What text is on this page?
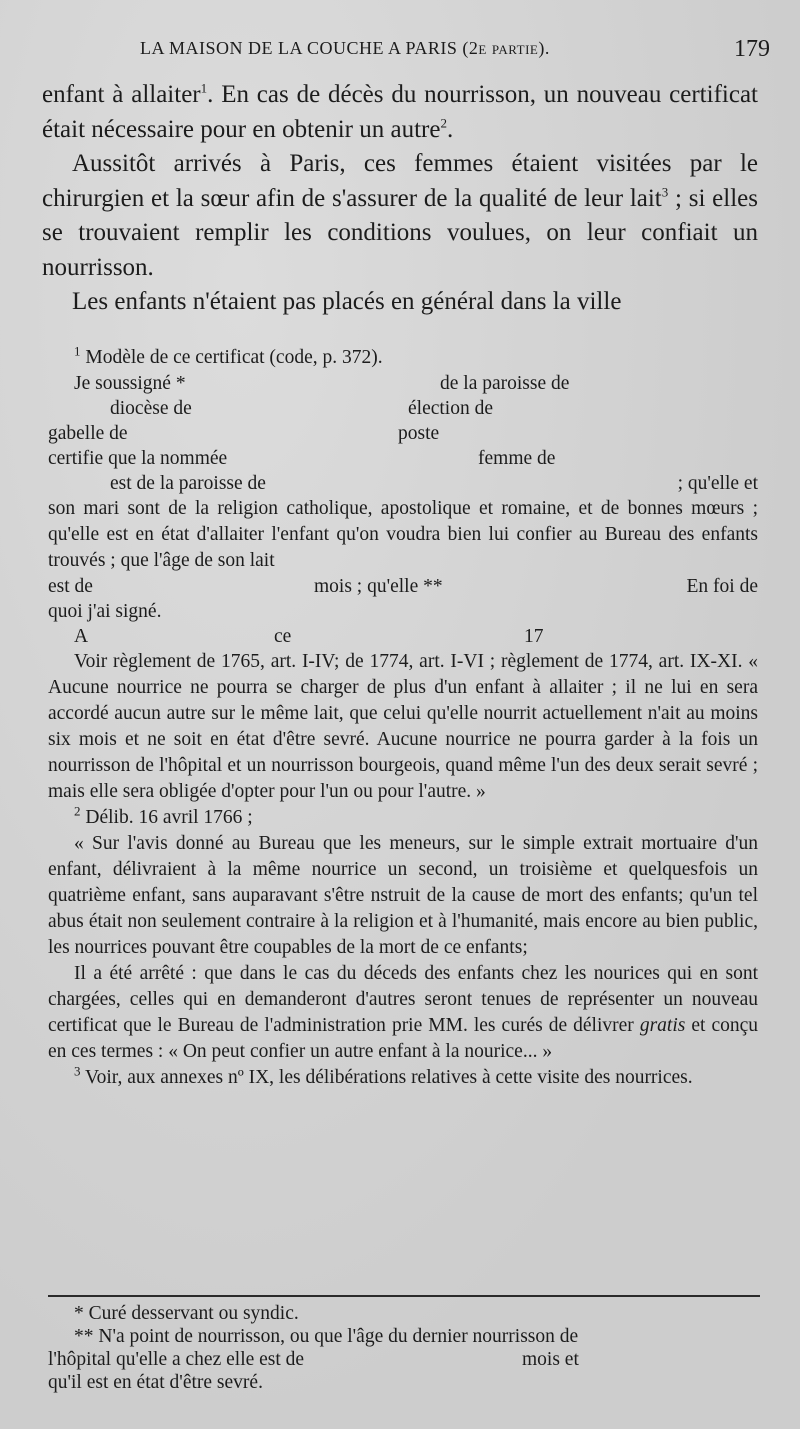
LA MAISON DE LA COUCHE A PARIS (2e partie).	179

enfant à allaiter$^1$. En cas de décès du nourrisson, un nouveau certificat était nécessaire pour en obtenir un autre$^2$.

Aussitôt arrivés à Paris, ces femmes étaient visitées par le chirurgien et la sœur afin de s'assurer de la qualité de leur lait$^3$ ; si elles se trouvaient remplir les conditions voulues, on leur confiait un nourrisson.

Les enfants n'étaient pas placés en général dans la ville

$^1$ Modèle de ce certificat (code, p. 372).

Je soussigné *	de la paroisse de
diocèse de	élection de
gabelle de	poste
certifie que la nommée	femme de
est de la paroisse de	; qu'elle et

son mari sont de la religion catholique, apostolique et romaine, et de bonnes mœurs ; qu'elle est en état d'allaiter l'enfant qu'on voudra bien lui confier au Bureau des enfants trouvés ; que l'âge de son lait

est de	mois ; qu'elle **	En foi de
quoi j'ai signé.
A	ce	17

Voir règlement de 1765, art. I-IV; de 1774, art. I-VI ; règlement de 1774, art. IX-XI. « Aucune nourrice ne pourra se charger de plus d'un enfant à allaiter ; il ne lui en sera accordé aucun autre sur le même lait, que celui qu'elle nourrit actuellement n'ait au moins six mois et ne soit en état d'être sevré. Aucune nourrice ne pourra garder à la fois un nourrisson de l'hôpital et un nourrisson bourgeois, quand même l'un des deux serait sevré ; mais elle sera obligée d'opter pour l'un ou pour l'autre. »

$^2$ Délib. 16 avril 1766 ;

« Sur l'avis donné au Bureau que les meneurs, sur le simple extrait mortuaire d'un enfant, délivraient à la même nourrice un second, un troisième et quelquesfois un quatrième enfant, sans auparavant s'être nstruit de la cause de mort des enfants; qu'un tel abus était non seulement contraire à la religion et à l'humanité, mais encore au bien public, les nourrices pouvant être coupables de la mort de ce enfants;

Il a été arrêté : que dans le cas du déceds des enfants chez les nourices qui en sont chargées, celles qui en demanderont d'autres seront tenues de représenter un nouveau certificat que le Bureau de l'administration prie MM. les curés de délivrer gratis et conçu en ces termes : « On peut confier un autre enfant à la nourice... »

$^3$ Voir, aux annexes nº IX, les délibérations relatives à cette visite des nourrices.

* Curé desservant ou syndic.

** N'a point de nourrisson, ou que l'âge du dernier nourrisson de

l'hôpital qu'elle a chez elle est de	mois et

qu'il est en état d'être sevré.
